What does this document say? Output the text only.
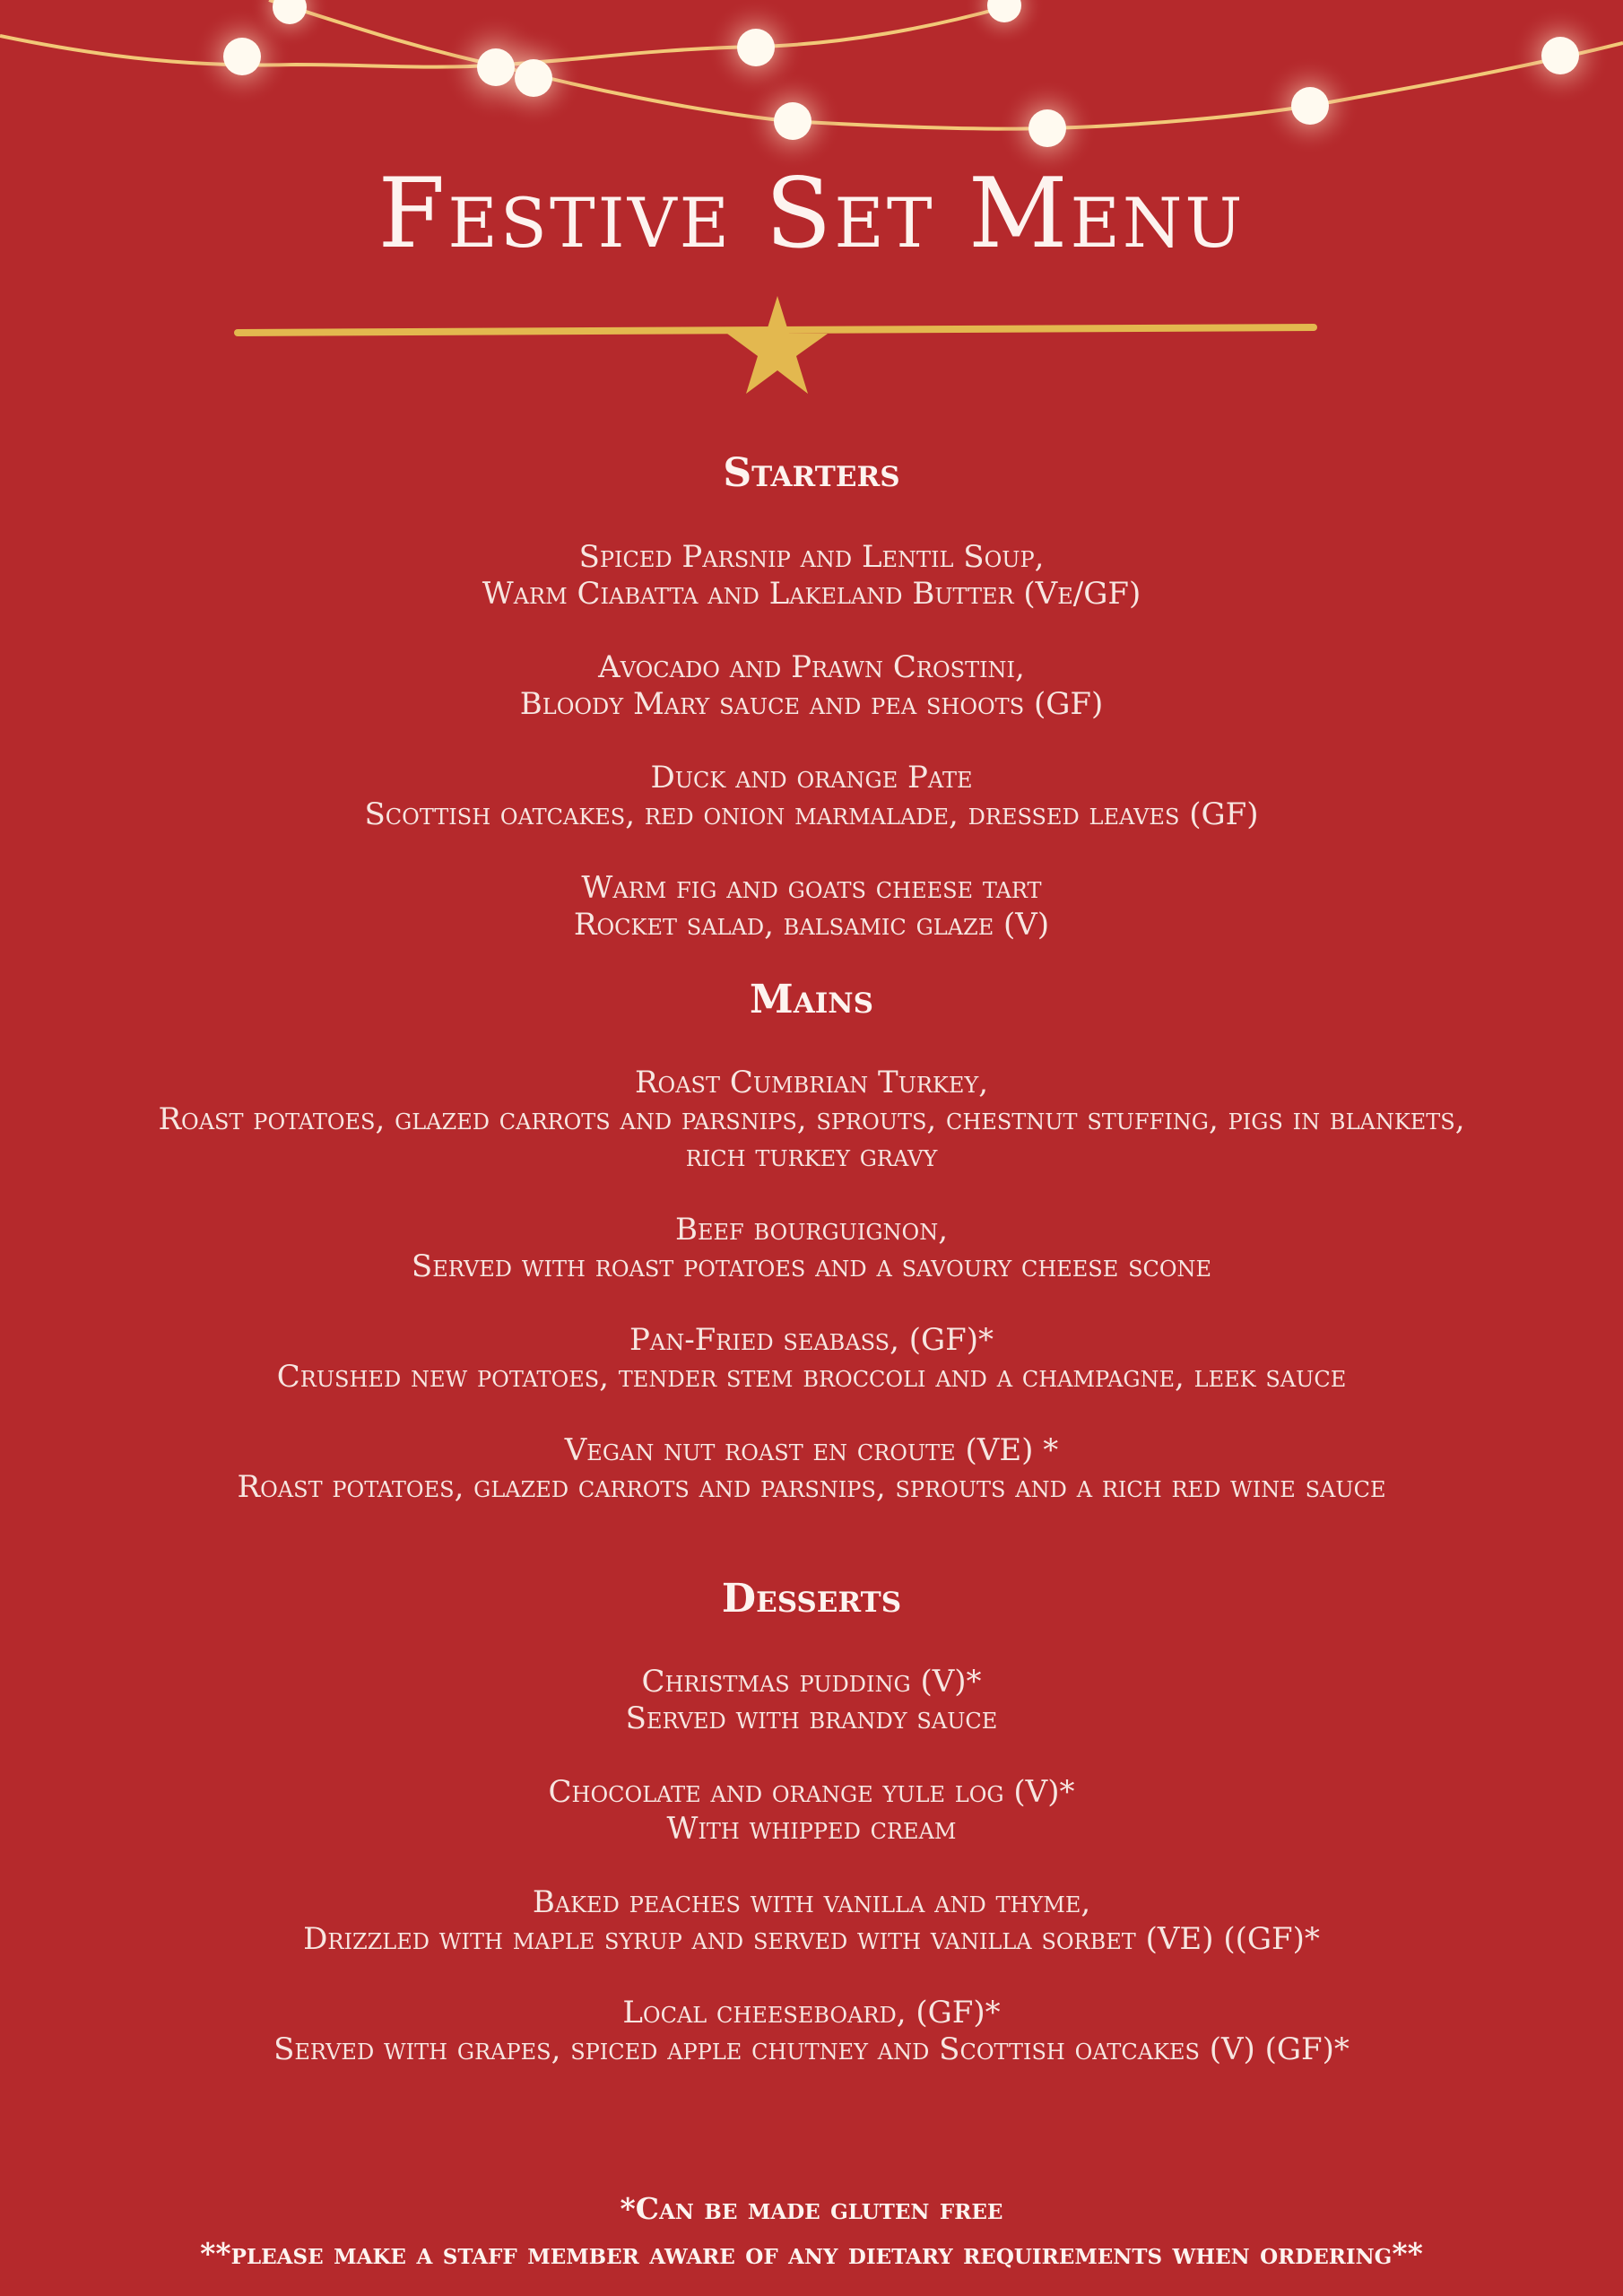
Festive Set Menu
Starters
Spiced Parsnip and Lentil Soup,
Warm Ciabatta and Lakeland Butter (Ve/GF)
Avocado and Prawn Crostini,
Bloody Mary sauce and pea shoots (GF)
Duck and orange Pate
Scottish oatcakes, red onion marmalade, dressed leaves (GF)
Warm fig and goats cheese tart
Rocket salad, balsamic glaze (V)
Mains
Roast Cumbrian Turkey,
Roast potatoes, glazed carrots and parsnips, sprouts, chestnut stuffing, pigs in blankets,
rich turkey gravy
Beef bourguignon,
Served with roast potatoes and a savoury cheese scone
Pan-Fried seabass, (GF)*
Crushed new potatoes, tender stem broccoli and a champagne, leek sauce
Vegan nut roast en croute (VE) *
Roast potatoes, glazed carrots and parsnips, sprouts and a rich red wine sauce
Desserts
Christmas pudding (V)*
Served with brandy sauce
Chocolate and orange yule log (V)*
With whipped cream
Baked peaches with vanilla and thyme,
Drizzled with maple syrup and served with vanilla sorbet (VE) ((GF)*
Local cheeseboard, (GF)*
Served with grapes, spiced apple chutney and Scottish oatcakes (V) (GF)*
*Can be made gluten free
**please make a staff member aware of any dietary requirements when ordering**
